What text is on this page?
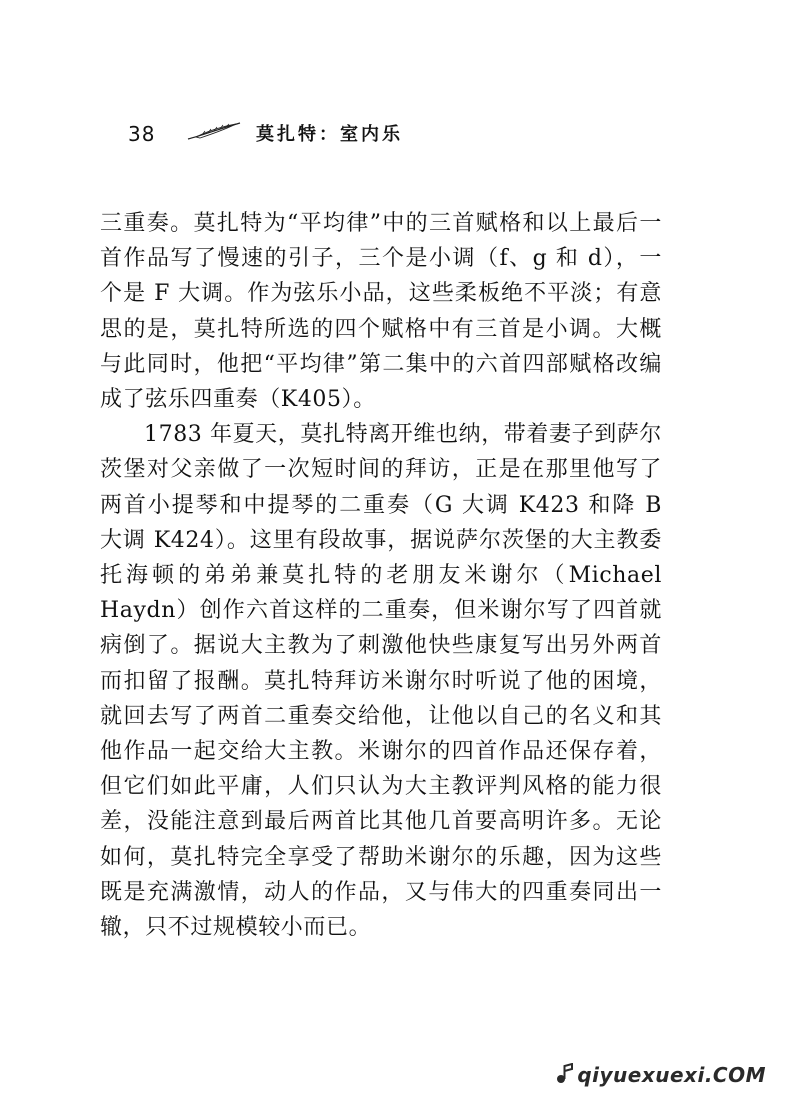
38	莫扎特：室内乐

三重奏。莫扎特为“平均律”中的三首赋格和以上最后一首作品写了慢速的引子，三个是小调（f、g 和 d），一个是 F 大调。作为弦乐小品，这些柔板绝不平淡；有意思的是，莫扎特所选的四个赋格中有三首是小调。大概与此同时，他把“平均律”第二集中的六首四部赋格改编成了弦乐四重奏（K405）。

1783 年夏天，莫扎特离开维也纳，带着妻子到萨尔茨堡对父亲做了一次短时间的拜访，正是在那里他写了两首小提琴和中提琴的二重奏（G 大调 K423 和降 B 大调 K424）。这里有段故事，据说萨尔茨堡的大主教委托海顿的弟弟兼莫扎特的老朋友米谢尔（Michael Haydn）创作六首这样的二重奏，但米谢尔写了四首就病倒了。据说大主教为了刺激他快些康复写出另外两首而扣留了报酬。莫扎特拜访米谢尔时听说了他的困境，就回去写了两首二重奏交给他，让他以自己的名义和其他作品一起交给大主教。米谢尔的四首作品还保存着，但它们如此平庸，人们只认为大主教评判风格的能力很差，没能注意到最后两首比其他几首要高明许多。无论如何，莫扎特完全享受了帮助米谢尔的乐趣，因为这些既是充满激情，动人的作品，又与伟大的四重奏同出一辙，只不过规模较小而已。

qiyuexuexi.COM
